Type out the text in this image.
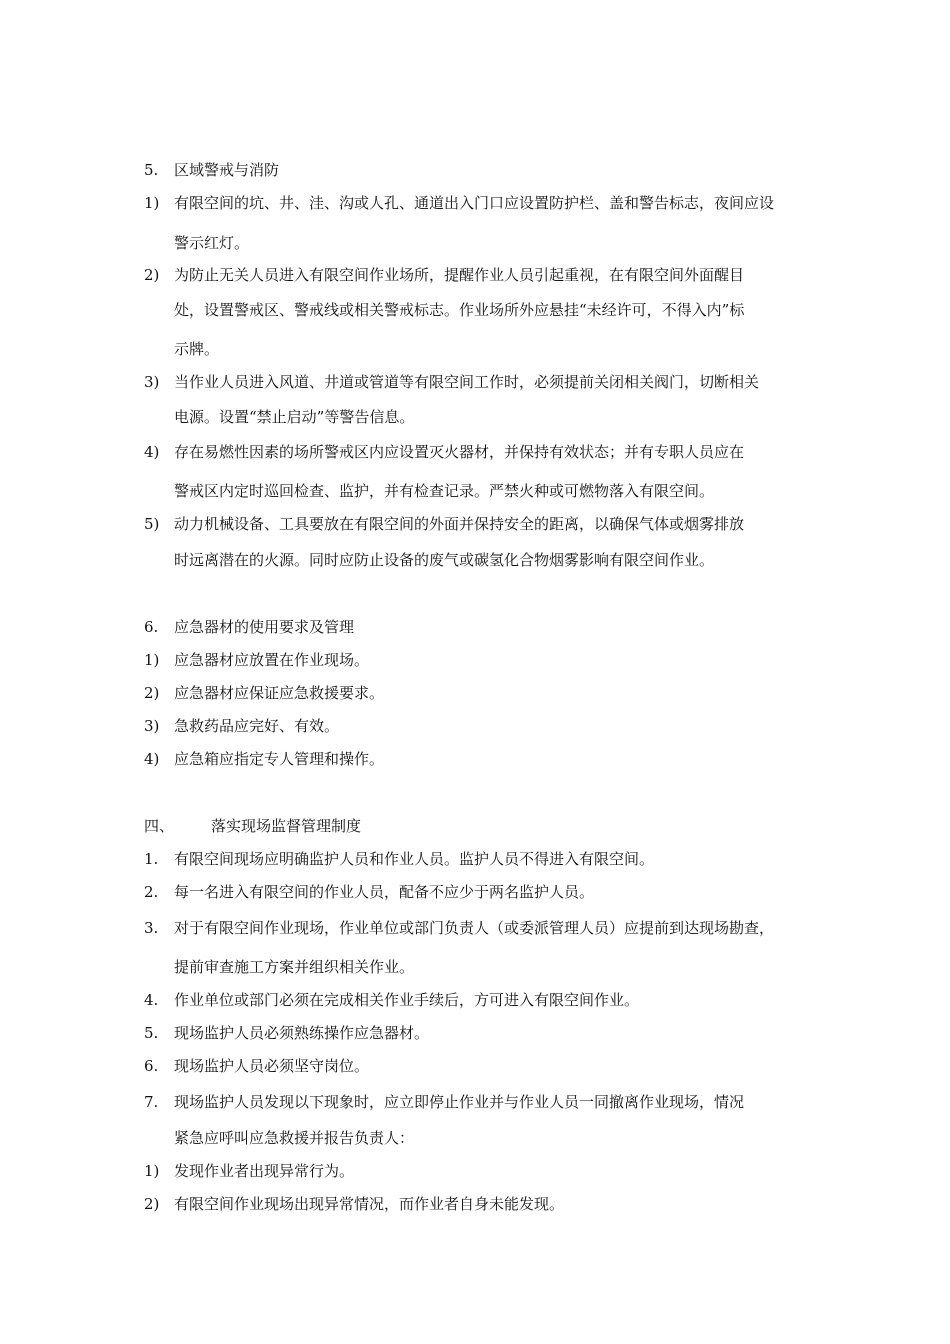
5. 区域警戒与消防
1) 有限空间的坑、井、洼、沟或人孔、通道出入门口应设置防护栏、盖和警告标志，夜间应设
警示红灯。
2) 为防止无关人员进入有限空间作业场所，提醒作业人员引起重视，在有限空间外面醒目
处，设置警戒区、警戒线或相关警戒标志。作业场所外应悬挂“未经许可，不得入内”标
示牌。
3) 当作业人员进入风道、井道或管道等有限空间工作时，必须提前关闭相关阀门，切断相关
电源。设置“禁止启动”等警告信息。
4) 存在易燃性因素的场所警戒区内应设置灭火器材，并保持有效状态；并有专职人员应在
警戒区内定时巡回检查、监护，并有检查记录。严禁火种或可燃物落入有限空间。
5) 动力机械设备、工具要放在有限空间的外面并保持安全的距离，以确保气体或烟雾排放
时远离潜在的火源。同时应防止设备的废气或碳氢化合物烟雾影响有限空间作业。
6. 应急器材的使用要求及管理
1) 应急器材应放置在作业现场。
2) 应急器材应保证应急救援要求。
3) 急救药品应完好、有效。
4) 应急箱应指定专人管理和操作。
四、 落实现场监督管理制度
1. 有限空间现场应明确监护人员和作业人员。监护人员不得进入有限空间。
2. 每一名进入有限空间的作业人员，配备不应少于两名监护人员。
3. 对于有限空间作业现场，作业单位或部门负责人（或委派管理人员）应提前到达现场勘查，
提前审查施工方案并组织相关作业。
4. 作业单位或部门必须在完成相关作业手续后，方可进入有限空间作业。
5. 现场监护人员必须熟练操作应急器材。
6. 现场监护人员必须坚守岗位。
7. 现场监护人员发现以下现象时，应立即停止作业并与作业人员一同撤离作业现场，情况
紧急应呼叫应急救援并报告负责人：
1) 发现作业者出现异常行为。
2) 有限空间作业现场出现异常情况，而作业者自身未能发现。
